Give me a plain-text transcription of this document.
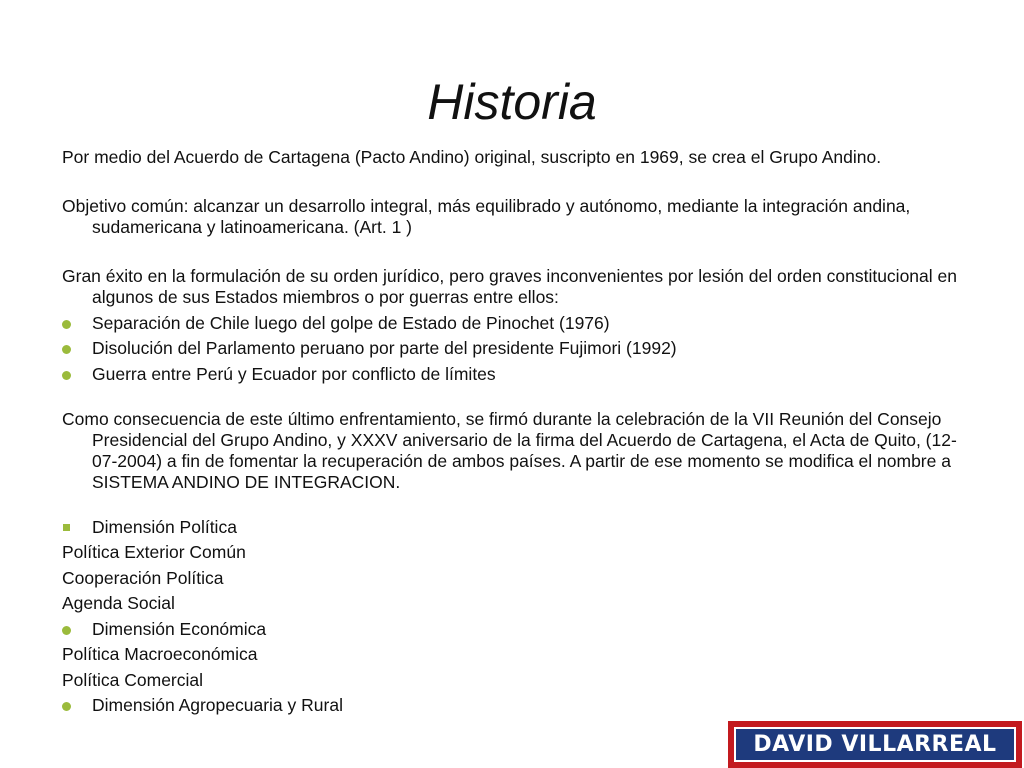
Historia

Por medio del Acuerdo de Cartagena (Pacto Andino) original, suscripto en 1969, se crea el Grupo Andino.

Objetivo común: alcanzar un desarrollo integral, más equilibrado y autónomo, mediante la integración andina, sudamericana y latinoamericana. (Art. 1 )

Gran éxito en la formulación de su orden jurídico, pero graves inconvenientes por lesión del orden constitucional en algunos de sus Estados miembros o por guerras entre ellos:

Separación de Chile luego del golpe de Estado de Pinochet (1976)
Disolución del Parlamento peruano por parte del presidente Fujimori (1992)
Guerra entre Perú y Ecuador por conflicto de límites

Como consecuencia de este último enfrentamiento, se firmó durante la celebración de la VII Reunión del Consejo Presidencial del Grupo Andino, y XXXV aniversario de la firma del Acuerdo de Cartagena, el Acta de Quito, (12-07-2004) a fin de fomentar la recuperación de ambos países. A partir de ese momento se modifica el nombre a SISTEMA ANDINO DE INTEGRACION.

Dimensión Política
Política Exterior Común
Cooperación Política
Agenda Social
Dimensión Económica
Política Macroeconómica
Política Comercial
Dimensión Agropecuaria y Rural
DAVID VILLARREAL
